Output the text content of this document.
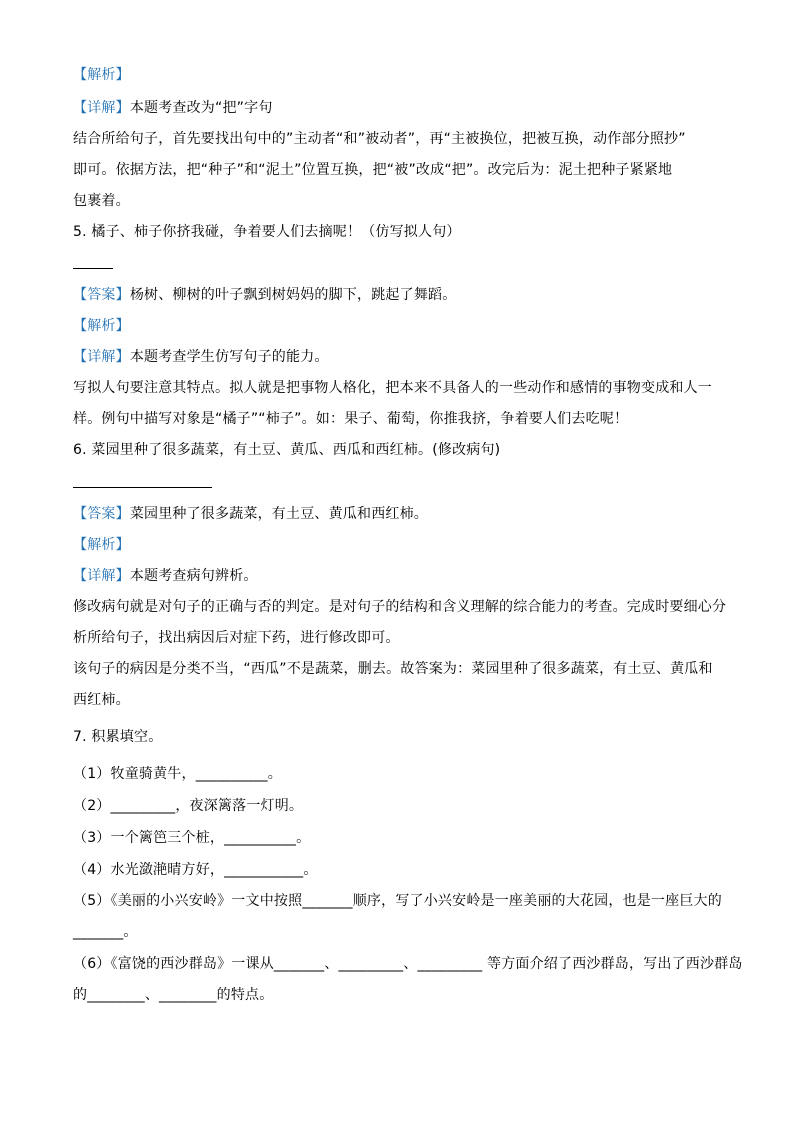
【解析】
【详解】本题考查改为“把”字句
结合所给句子，首先要找出句中的”主动者“和”被动者”，再“主被换位，把被互换，动作部分照抄”
即可。依据方法，把“种子”和“泥土”位置互换，把“被”改成“把”。改完后为：泥土把种子紧紧地
包裹着。
5. 橘子、柿子你挤我碰，争着要人们去摘呢！（仿写拟人句）
【答案】杨树、柳树的叶子飘到树妈妈的脚下，跳起了舞蹈。
【解析】
【详解】本题考查学生仿写句子的能力。
写拟人句要注意其特点。拟人就是把事物人格化，把本来不具备人的一些动作和感情的事物变成和人一
样。例句中描写对象是“橘子”“柿子”。如：果子、葡萄，你推我挤，争着要人们去吃呢！
6. 菜园里种了很多蔬菜，有土豆、黄瓜、西瓜和西红柿。(修改病句)
【答案】菜园里种了很多蔬菜，有土豆、黄瓜和西红柿。
【解析】
【详解】本题考查病句辨析。
修改病句就是对句子的正确与否的判定。是对句子的结构和含义理解的综合能力的考查。完成时要细心分
析所给句子，找出病因后对症下药，进行修改即可。
该句子的病因是分类不当，“西瓜”不是蔬菜，删去。故答案为：菜园里种了很多蔬菜，有土豆、黄瓜和
西红柿。
7. 积累填空。
（1）牧童骑黄牛，__________。
（2）_________，夜深篱落一灯明。
（3）一个篱笆三个桩，__________。
（4）水光潋滟晴方好，___________。
（5）《美丽的小兴安岭》一文中按照_______顺序，写了小兴安岭是一座美丽的大花园，也是一座巨大的
_______。
（6）《富饶的西沙群岛》一课从_______、_________、_________ 等方面介绍了西沙群岛，写出了西沙群岛
的________、________的特点。
